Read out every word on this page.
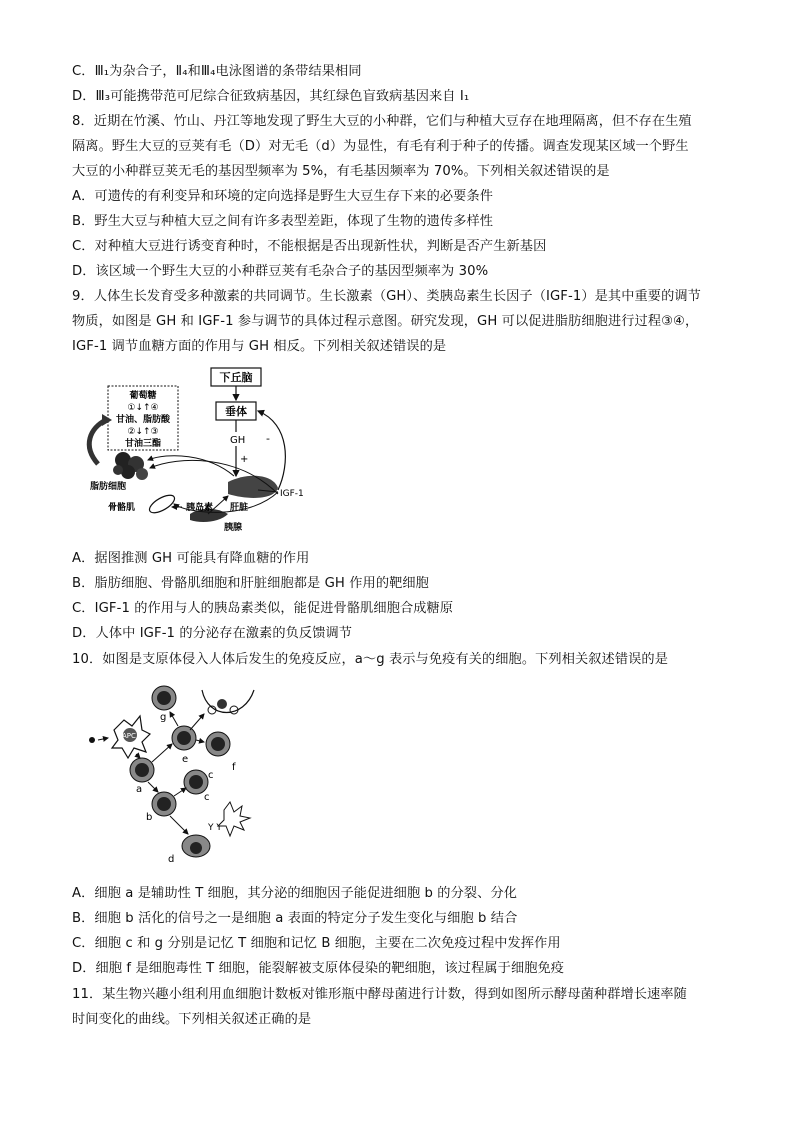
C．Ⅲ₁为杂合子，Ⅱ₄和Ⅲ₄电泳图谱的条带结果相同
D．Ⅲ₃可能携带范可尼综合征致病基因，其红绿色盲致病基因来自 I₁
8．近期在竹溪、竹山、丹江等地发现了野生大豆的小种群，它们与种植大豆存在地理隔离，但不存在生殖
隔离。野生大豆的豆荚有毛（D）对无毛（d）为显性，有毛有利于种子的传播。调查发现某区域一个野生
大豆的小种群豆荚无毛的基因型频率为 5%，有毛基因频率为 70%。下列相关叙述错误的是
A．可遗传的有利变异和环境的定向选择是野生大豆生存下来的必要条件
B．野生大豆与种植大豆之间有许多表型差距，体现了生物的遗传多样性
C．对种植大豆进行诱变育种时，不能根据是否出现新性状，判断是否产生新基因
D．该区域一个野生大豆的小种群豆荚有毛杂合子的基因型频率为 30%
9．人体生长发育受多种激素的共同调节。生长激素（GH）、类胰岛素生长因子（IGF-1）是其中重要的调节
物质，如图是 GH 和 IGF-1 参与调节的具体过程示意图。研究发现，GH 可以促进脂肪细胞进行过程③④，
IGF-1 调节血糖方面的作用与 GH 相反。下列相关叙述错误的是
下丘脑
垂体
GH
+
-
葡萄糖
①↓↑④
甘油、脂肪酸
②↓↑③
甘油三酯
脂肪细胞
骨骼肌	肝脏
胰腺
胰岛素
IGF-1
A．据图推测 GH 可能具有降血糖的作用
B．脂肪细胞、骨骼肌细胞和肝脏细胞都是 GH 作用的靶细胞
C．IGF-1 的作用与人的胰岛素类似，能促进骨骼肌细胞合成糖原
D．人体中 IGF-1 的分泌存在激素的负反馈调节
10．如图是支原体侵入人体后发生的免疫反应，a～g 表示与免疫有关的细胞。下列相关叙述错误的是
APC
a
b
c
e
g
f
d
Y Y
c
A．细胞 a 是辅助性 T 细胞，其分泌的细胞因子能促进细胞 b 的分裂、分化
B．细胞 b 活化的信号之一是细胞 a 表面的特定分子发生变化与细胞 b 结合
C．细胞 c 和 g 分别是记忆 T 细胞和记忆 B 细胞，主要在二次免疫过程中发挥作用
D．细胞 f 是细胞毒性 T 细胞，能裂解被支原体侵染的靶细胞，该过程属于细胞免疫
11．某生物兴趣小组利用血细胞计数板对锥形瓶中酵母菌进行计数，得到如图所示酵母菌种群增长速率随
时间变化的曲线。下列相关叙述正确的是
